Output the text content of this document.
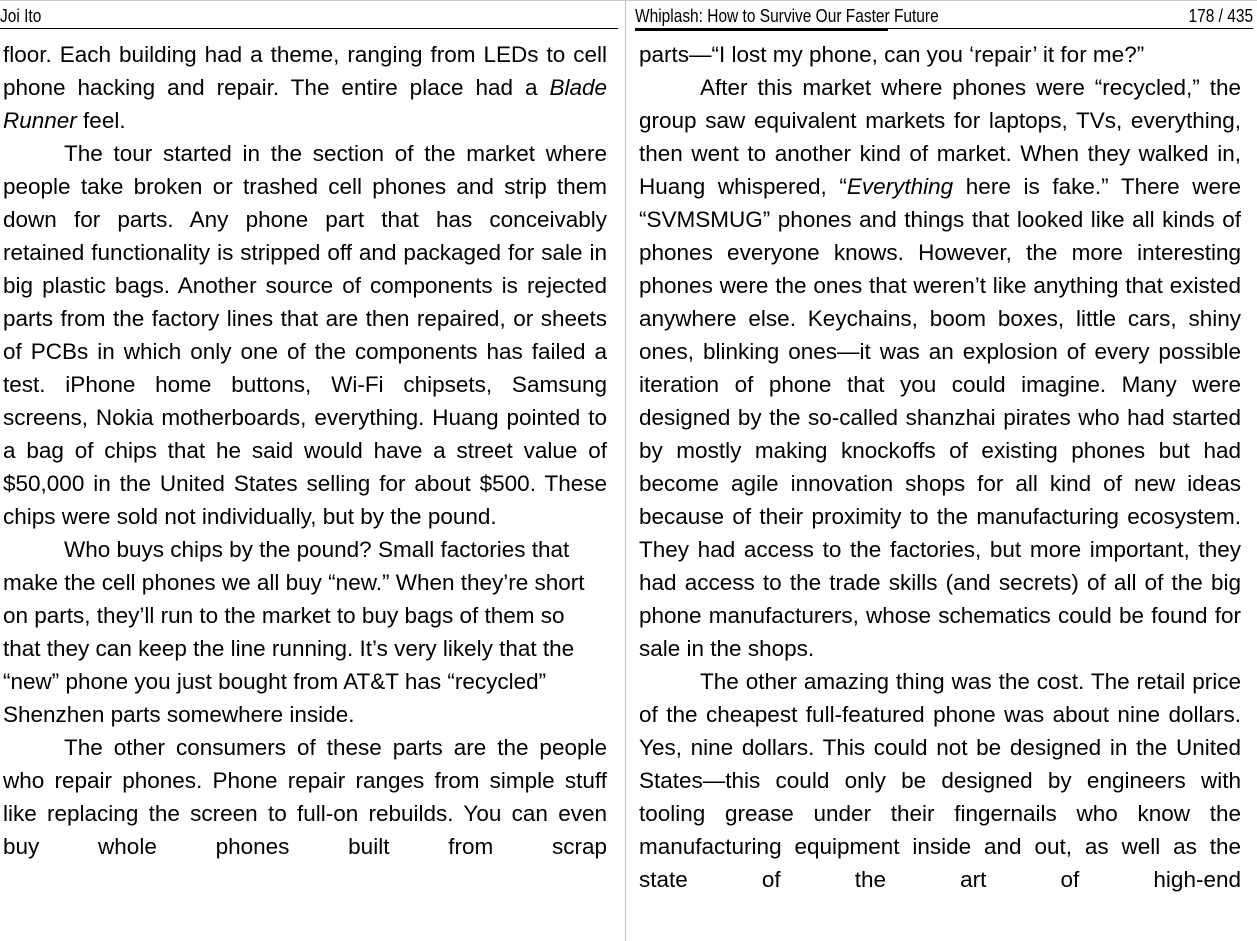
Joi Ito

floor. Each building had a theme, ranging from LEDs to cell phone hacking and repair. The entire place had a Blade Runner feel.

The tour started in the section of the market where people take broken or trashed cell phones and strip them down for parts. Any phone part that has conceivably retained functionality is stripped off and packaged for sale in big plastic bags. Another source of components is rejected parts from the factory lines that are then repaired, or sheets of PCBs in which only one of the components has failed a test. iPhone home buttons, Wi-Fi chipsets, Samsung screens, Nokia motherboards, everything. Huang pointed to a bag of chips that he said would have a street value of $50,000 in the United States selling for about $500. These chips were sold not individually, but by the pound.

Who buys chips by the pound? Small factories that make the cell phones we all buy “new.” When they’re short on parts, they’ll run to the market to buy bags of them so that they can keep the line running. It’s very likely that the “new” phone you just bought from AT&T has “recycled” Shenzhen parts somewhere inside.

The other consumers of these parts are the people who repair phones. Phone repair ranges from simple stuff like replacing the screen to full-on rebuilds. You can even buy whole phones built from scrap

Whiplash: How to Survive Our Faster Future	178 / 435

parts—“I lost my phone, can you ‘repair’ it for me?”

After this market where phones were “recycled,” the group saw equivalent markets for laptops, TVs, everything, then went to another kind of market. When they walked in, Huang whispered, “Everything here is fake.” There were “SVMSMUG” phones and things that looked like all kinds of phones everyone knows. However, the more interesting phones were the ones that weren’t like anything that existed anywhere else. Keychains, boom boxes, little cars, shiny ones, blinking ones—it was an explosion of every possible iteration of phone that you could imagine. Many were designed by the so-called shanzhai pirates who had started by mostly making knockoffs of existing phones but had become agile innovation shops for all kind of new ideas because of their proximity to the manufacturing ecosystem. They had access to the factories, but more important, they had access to the trade skills (and secrets) of all of the big phone manufacturers, whose schematics could be found for sale in the shops.

The other amazing thing was the cost. The retail price of the cheapest full-featured phone was about nine dollars. Yes, nine dollars. This could not be designed in the United States—this could only be designed by engineers with tooling grease under their fingernails who know the manufacturing equipment inside and out, as well as the state of the art of high-end
